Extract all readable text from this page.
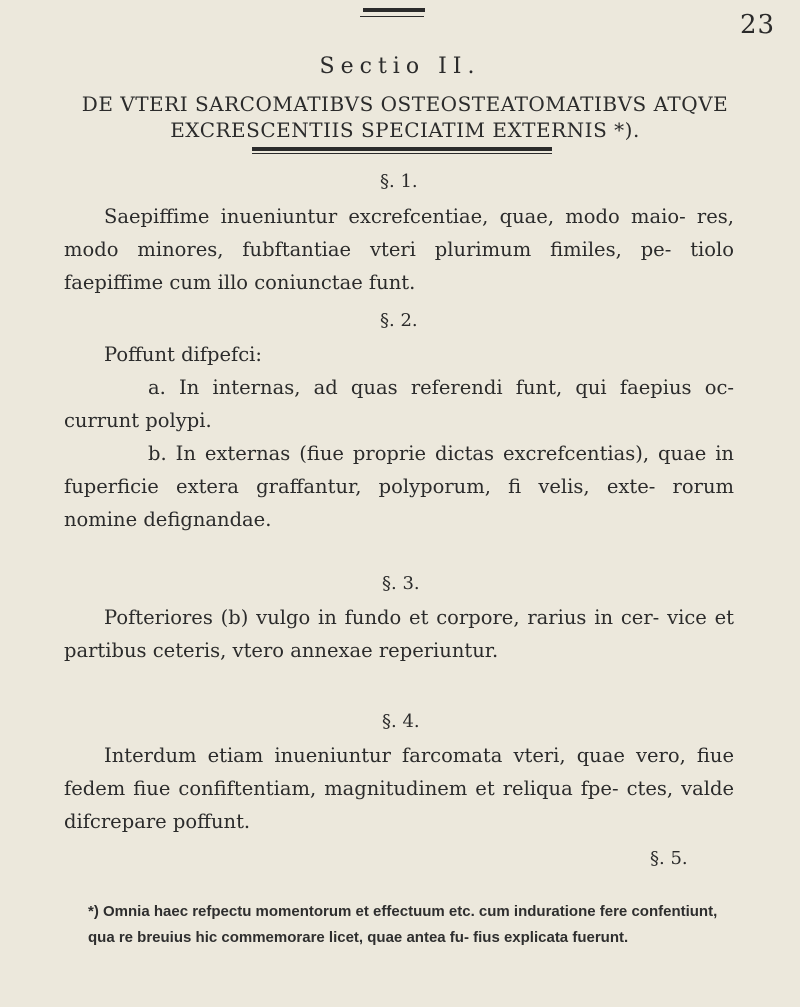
23
Sectio II.
DE VTERI SARCOMATIBVS OSTEOSTEATOMATIBVS ATQVE EXCRESCENTIIS SPECIATIM EXTERNIS *).
§. 1.

Saepiffime inueniuntur excrefcentiae, quae, modo maio- res, modo minores, fubftantiae vteri plurimum fimiles, pe- tiolo faepiffime cum illo coniunctae funt.

§. 2.

Poffunt difpefci:

a. In internas, ad quas referendi funt, qui faepius oc- currunt polypi.

b. In externas (fiue proprie dictas excrefcentias), quae in fuperficie extera graffantur, polyporum, fi velis, exte- rorum nomine defignandae.

§. 3.

Pofteriores (b) vulgo in fundo et corpore, rarius in cer- vice et partibus ceteris, vtero annexae reperiuntur.

§. 4.

Interdum etiam inueniuntur farcomata vteri, quae vero, fiue fedem fiue confiftentiam, magnitudinem et reliqua fpe- ctes, valde difcrepare poffunt.

§. 5.

*) Omnia haec refpectu momentorum et effectuum etc. cum induratione fere confentiunt, qua re breuius hic commemorare licet, quae antea fu- fius explicata fuerunt.
